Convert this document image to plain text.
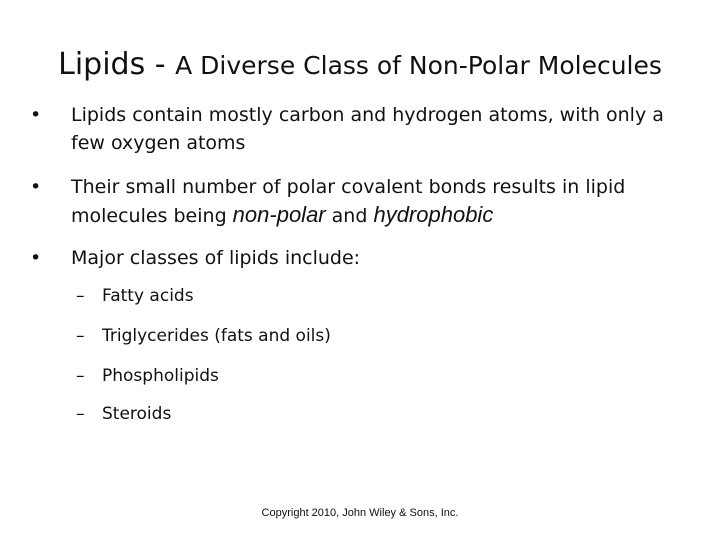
Lipids - A Diverse Class of Non-Polar Molecules
• Lipids contain mostly carbon and hydrogen atoms, with only a few oxygen atoms
• Their small number of polar covalent bonds results in lipid molecules being non-polar and hydrophobic
• Major classes of lipids include:
– Fatty acids
– Triglycerides (fats and oils)
– Phospholipids
– Steroids
Copyright 2010, John Wiley & Sons, Inc.
